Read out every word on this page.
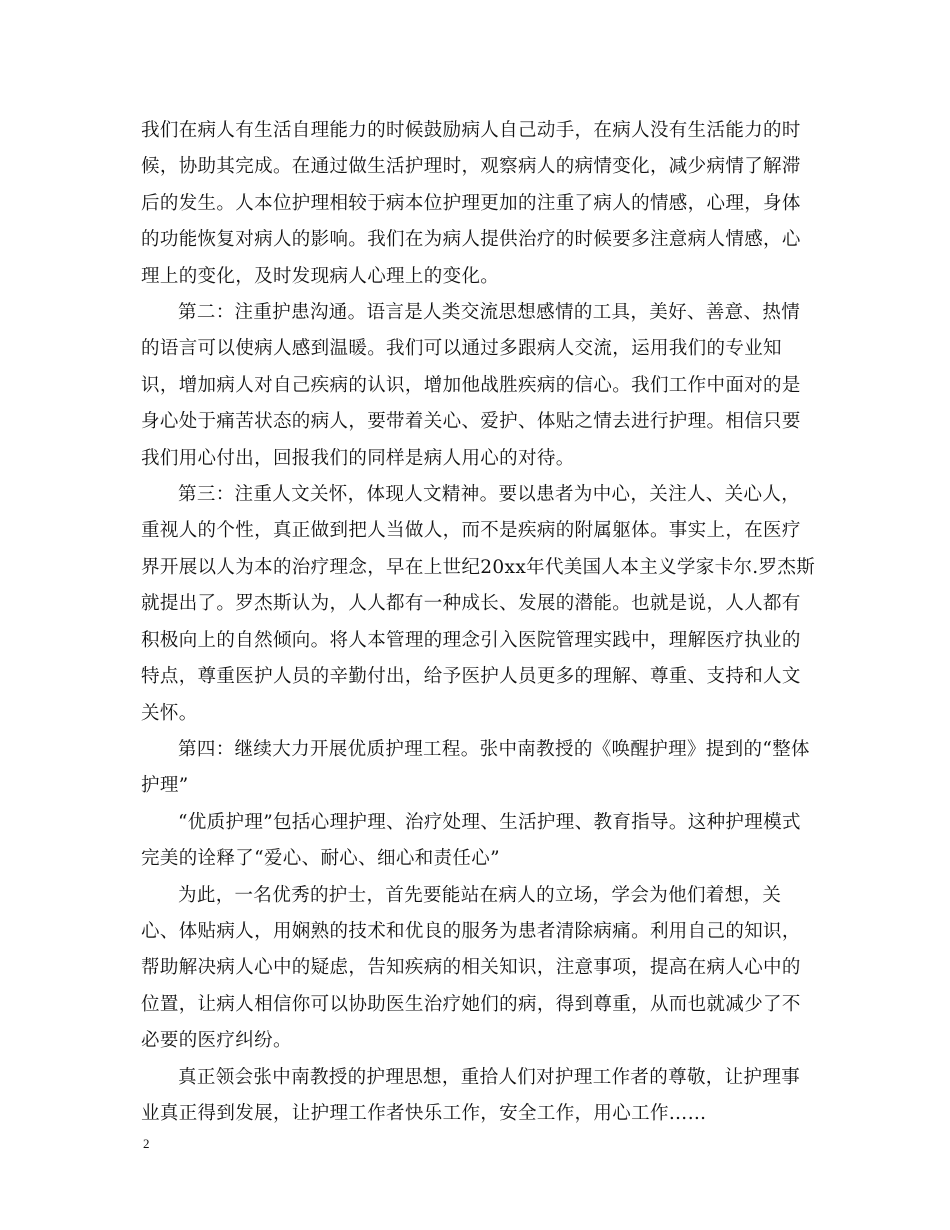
我们在病人有生活自理能力的时候鼓励病人自己动手，在病人没有生活能力的时候，协助其完成。在通过做生活护理时，观察病人的病情变化，减少病情了解滞后的发生。人本位护理相较于病本位护理更加的注重了病人的情感，心理，身体的功能恢复对病人的影响。我们在为病人提供治疗的时候要多注意病人情感，心理上的变化，及时发现病人心理上的变化。

第二：注重护患沟通。语言是人类交流思想感情的工具，美好、善意、热情的语言可以使病人感到温暖。我们可以通过多跟病人交流，运用我们的专业知识，增加病人对自己疾病的认识，增加他战胜疾病的信心。我们工作中面对的是身心处于痛苦状态的病人，要带着关心、爱护、体贴之情去进行护理。相信只要我们用心付出，回报我们的同样是病人用心的对待。

第三：注重人文关怀，体现人文精神。要以患者为中心，关注人、关心人，重视人的个性，真正做到把人当做人，而不是疾病的附属躯体。事实上，在医疗界开展以人为本的治疗理念，早在上世纪20xx年代美国人本主义学家卡尔.罗杰斯就提出了。罗杰斯认为，人人都有一种成长、发展的潜能。也就是说，人人都有积极向上的自然倾向。将人本管理的理念引入医院管理实践中，理解医疗执业的特点，尊重医护人员的辛勤付出，给予医护人员更多的理解、尊重、支持和人文关怀。

第四：继续大力开展优质护理工程。张中南教授的《唤醒护理》提到的“整体护理”

“优质护理”包括心理护理、治疗处理、生活护理、教育指导。这种护理模式完美的诠释了“爱心、耐心、细心和责任心”

为此，一名优秀的护士，首先要能站在病人的立场，学会为他们着想，关心、体贴病人，用娴熟的技术和优良的服务为患者清除病痛。利用自己的知识，帮助解决病人心中的疑虑，告知疾病的相关知识，注意事项，提高在病人心中的位置，让病人相信你可以协助医生治疗她们的病，得到尊重，从而也就减少了不必要的医疗纠纷。

真正领会张中南教授的护理思想，重拾人们对护理工作者的尊敬，让护理事业真正得到发展，让护理工作者快乐工作，安全工作，用心工作……

2
